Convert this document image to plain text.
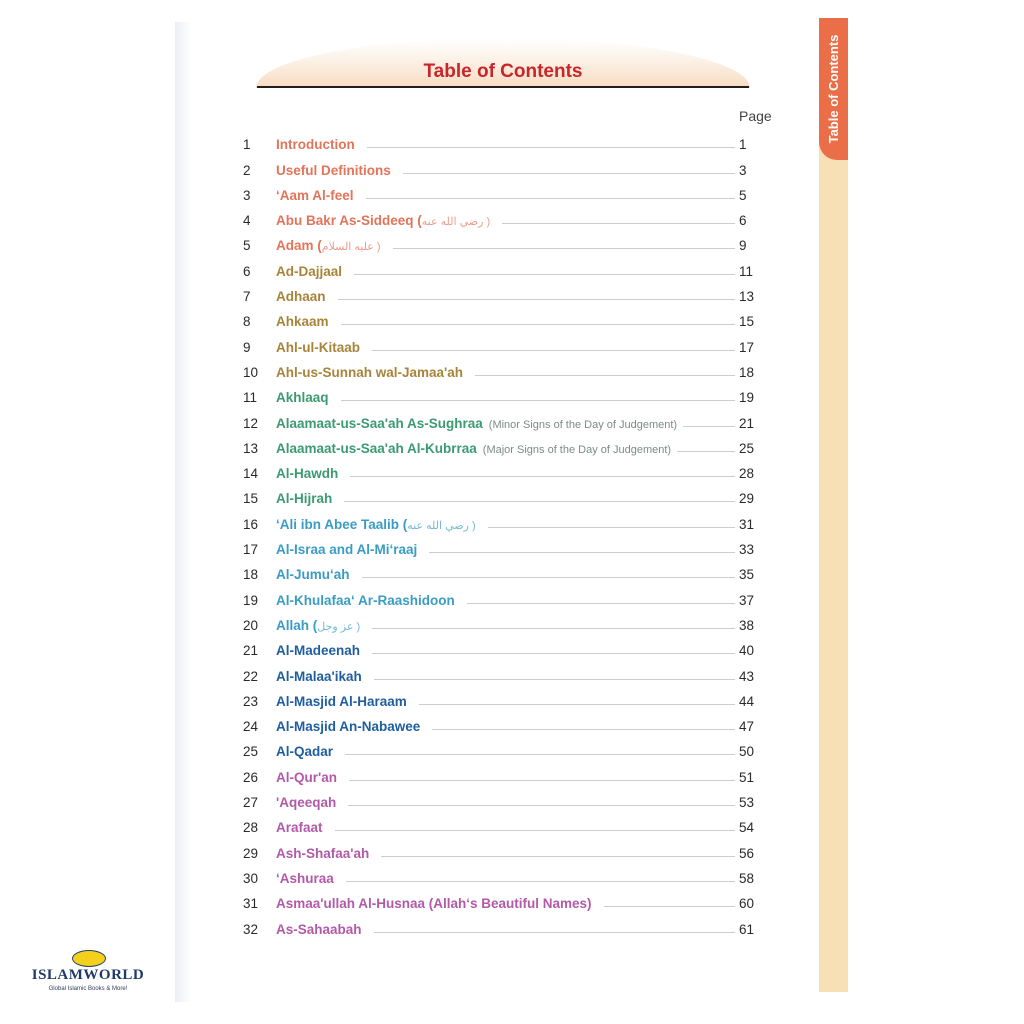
Table of Contents	Table of Contents
Page
1	Introduction	1
2	Useful Definitions	3
3	‘Aam Al-feel	5
4	Abu Bakr As-Siddeeq (رضي الله عنه )	6
5	Adam (عليه السلام )	9
6	Ad-Dajjaal	11
7	Adhaan	13
8	Ahkaam	15
9	Ahl-ul-Kitaab	17
10	Ahl-us-Sunnah wal-Jamaa'ah	18
11	Akhlaaq	19
12	Alaamaat-us-Saa'ah As-Sughraa (Minor Signs of the Day of Judgement)	21
13	Alaamaat-us-Saa'ah Al-Kubrraa (Major Signs of the Day of Judgement)	25
14	Al-Hawdh	28
15	Al-Hijrah	29
16	‘Ali ibn Abee Taalib (رضي الله عنه )	31
17	Al-Israa and Al-Mi‘raaj	33
18	Al-Jumu‘ah	35
19	Al-Khulafaa‘ Ar-Raashidoon	37
20	Allah (عز وجل )	38
21	Al-Madeenah	40
22	Al-Malaa'ikah	43
23	Al-Masjid Al-Haraam	44
24	Al-Masjid An-Nabawee	47
25	Al-Qadar	50
26	Al-Qur'an	51
27	'Aqeeqah	53
28	Arafaat	54
29	Ash-Shafaa'ah	56
30	‘Ashuraa	58
31	Asmaa'ullah Al-Husnaa (Allah‘s Beautiful Names)	60
32	As-Sahaabah	61
ISLAMWORLD
Global Islamic Books & More!
